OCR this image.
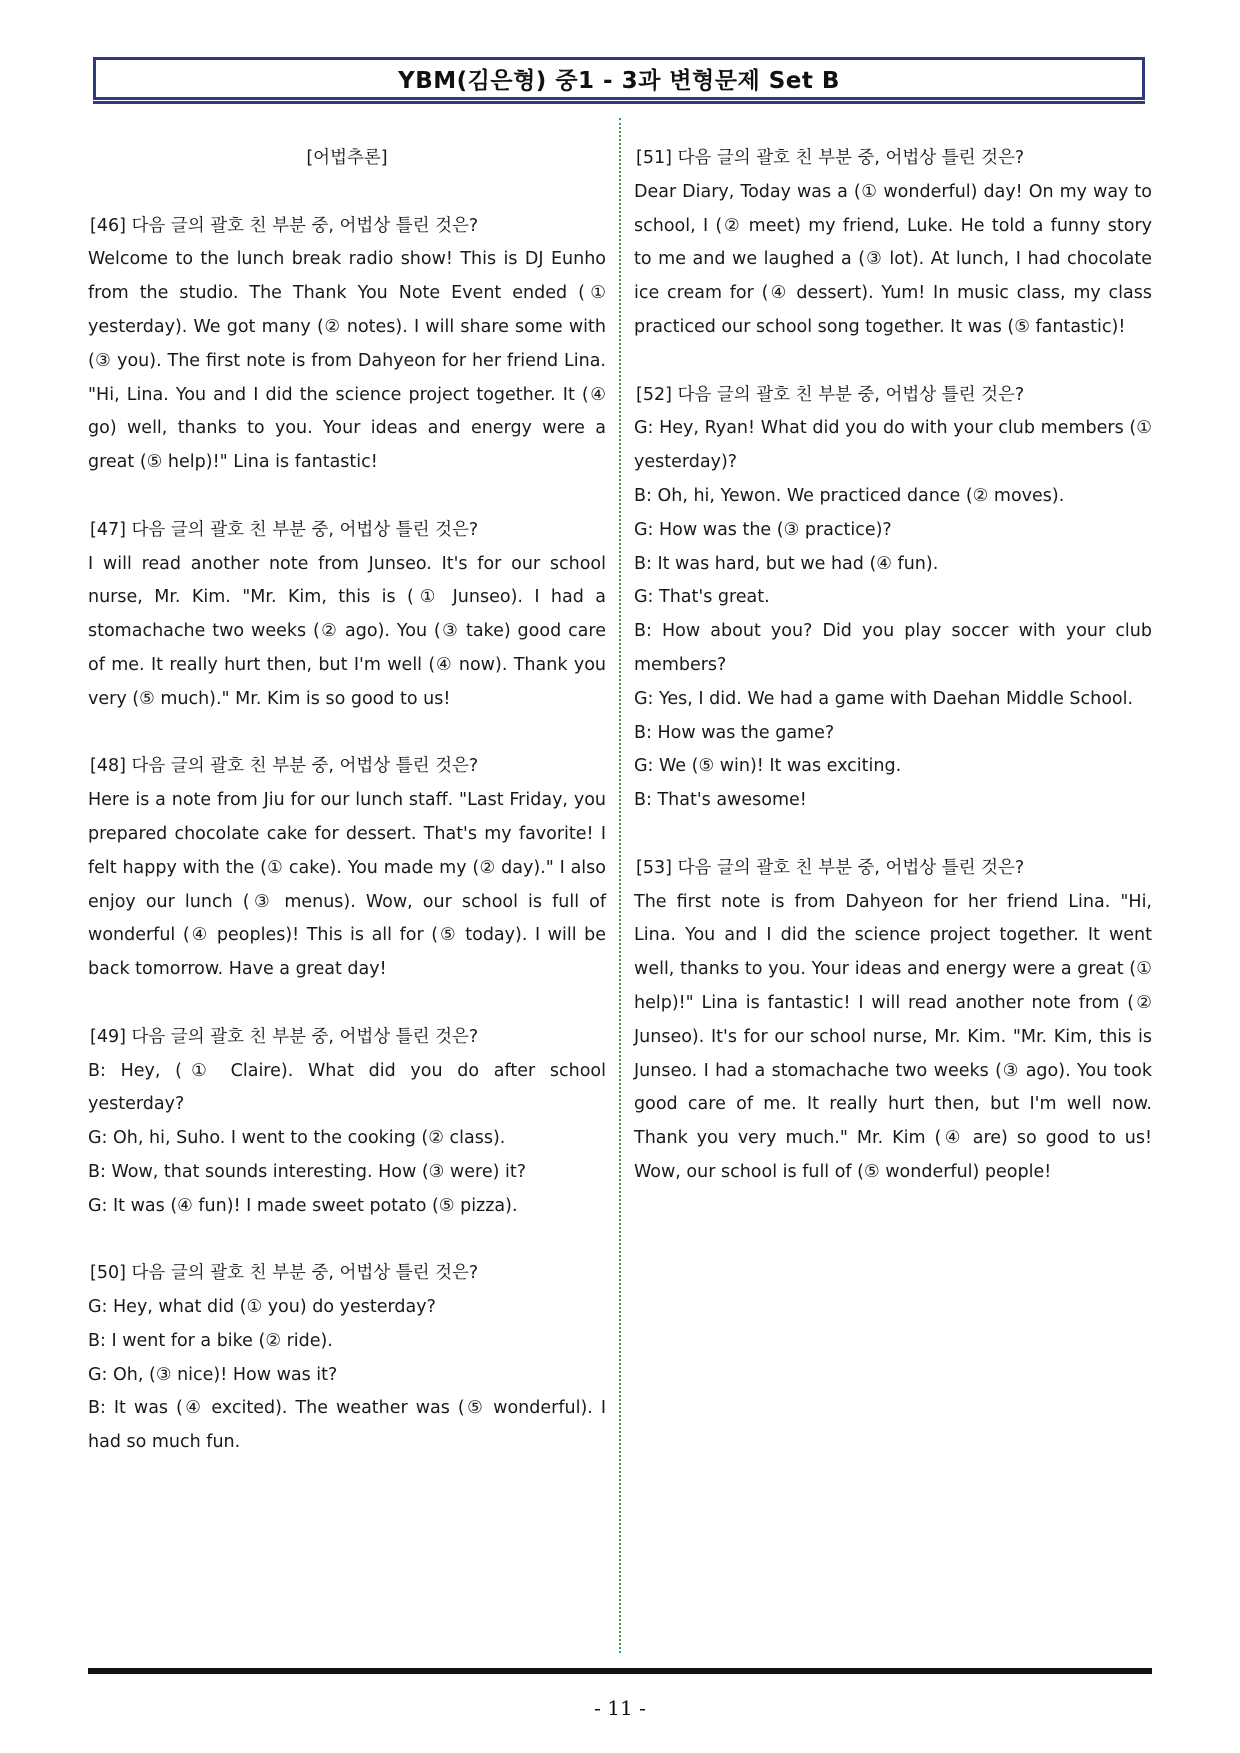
YBM(김은형) 중1 - 3과 변형문제 Set B
[어법추론]
[46] 다음 글의 괄호 친 부분 중, 어법상 틀린 것은?
Welcome to the lunch break radio show! This is DJ Eunho from the studio. The Thank You Note Event ended (① yesterday). We got many (② notes). I will share some with (③ you). The first note is from Dahyeon for her friend Lina. "Hi, Lina. You and I did the science project together. It (④ go) well, thanks to you. Your ideas and energy were a great (⑤ help)!" Lina is fantastic!
[47] 다음 글의 괄호 친 부분 중, 어법상 틀린 것은?
I will read another note from Junseo. It's for our school nurse, Mr. Kim. "Mr. Kim, this is (① Junseo). I had a stomachache two weeks (② ago). You (③ take) good care of me. It really hurt then, but I'm well (④ now). Thank you very (⑤ much)." Mr. Kim is so good to us!
[48] 다음 글의 괄호 친 부분 중, 어법상 틀린 것은?
Here is a note from Jiu for our lunch staff. "Last Friday, you prepared chocolate cake for dessert. That's my favorite! I felt happy with the (① cake). You made my (② day)." I also enjoy our lunch (③ menus). Wow, our school is full of wonderful (④ peoples)! This is all for (⑤ today). I will be back tomorrow. Have a great day!
[49] 다음 글의 괄호 친 부분 중, 어법상 틀린 것은?
B: Hey, (① Claire). What did you do after school yesterday?
G: Oh, hi, Suho. I went to the cooking (② class).
B: Wow, that sounds interesting. How (③ were) it?
G: It was (④ fun)! I made sweet potato (⑤ pizza).
[50] 다음 글의 괄호 친 부분 중, 어법상 틀린 것은?
G: Hey, what did (① you) do yesterday?
B: I went for a bike (② ride).
G: Oh, (③ nice)! How was it?
B: It was (④ excited). The weather was (⑤ wonderful). I had so much fun.
[51] 다음 글의 괄호 친 부분 중, 어법상 틀린 것은?
Dear Diary, Today was a (① wonderful) day! On my way to school, I (② meet) my friend, Luke. He told a funny story to me and we laughed a (③ lot). At lunch, I had chocolate ice cream for (④ dessert). Yum! In music class, my class practiced our school song together. It was (⑤ fantastic)!
[52] 다음 글의 괄호 친 부분 중, 어법상 틀린 것은?
G: Hey, Ryan! What did you do with your club members (① yesterday)?
B: Oh, hi, Yewon. We practiced dance (② moves).
G: How was the (③ practice)?
B: It was hard, but we had (④ fun).
G: That's great.
B: How about you? Did you play soccer with your club members?
G: Yes, I did. We had a game with Daehan Middle School.
B: How was the game?
G: We (⑤ win)! It was exciting.
B: That's awesome!
[53] 다음 글의 괄호 친 부분 중, 어법상 틀린 것은?
The first note is from Dahyeon for her friend Lina. "Hi, Lina. You and I did the science project together. It went well, thanks to you. Your ideas and energy were a great (① help)!" Lina is fantastic! I will read another note from (② Junseo). It's for our school nurse, Mr. Kim. "Mr. Kim, this is Junseo. I had a stomachache two weeks (③ ago). You took good care of me. It really hurt then, but I'm well now. Thank you very much." Mr. Kim (④ are) so good to us! Wow, our school is full of (⑤ wonderful) people!
- 11 -
